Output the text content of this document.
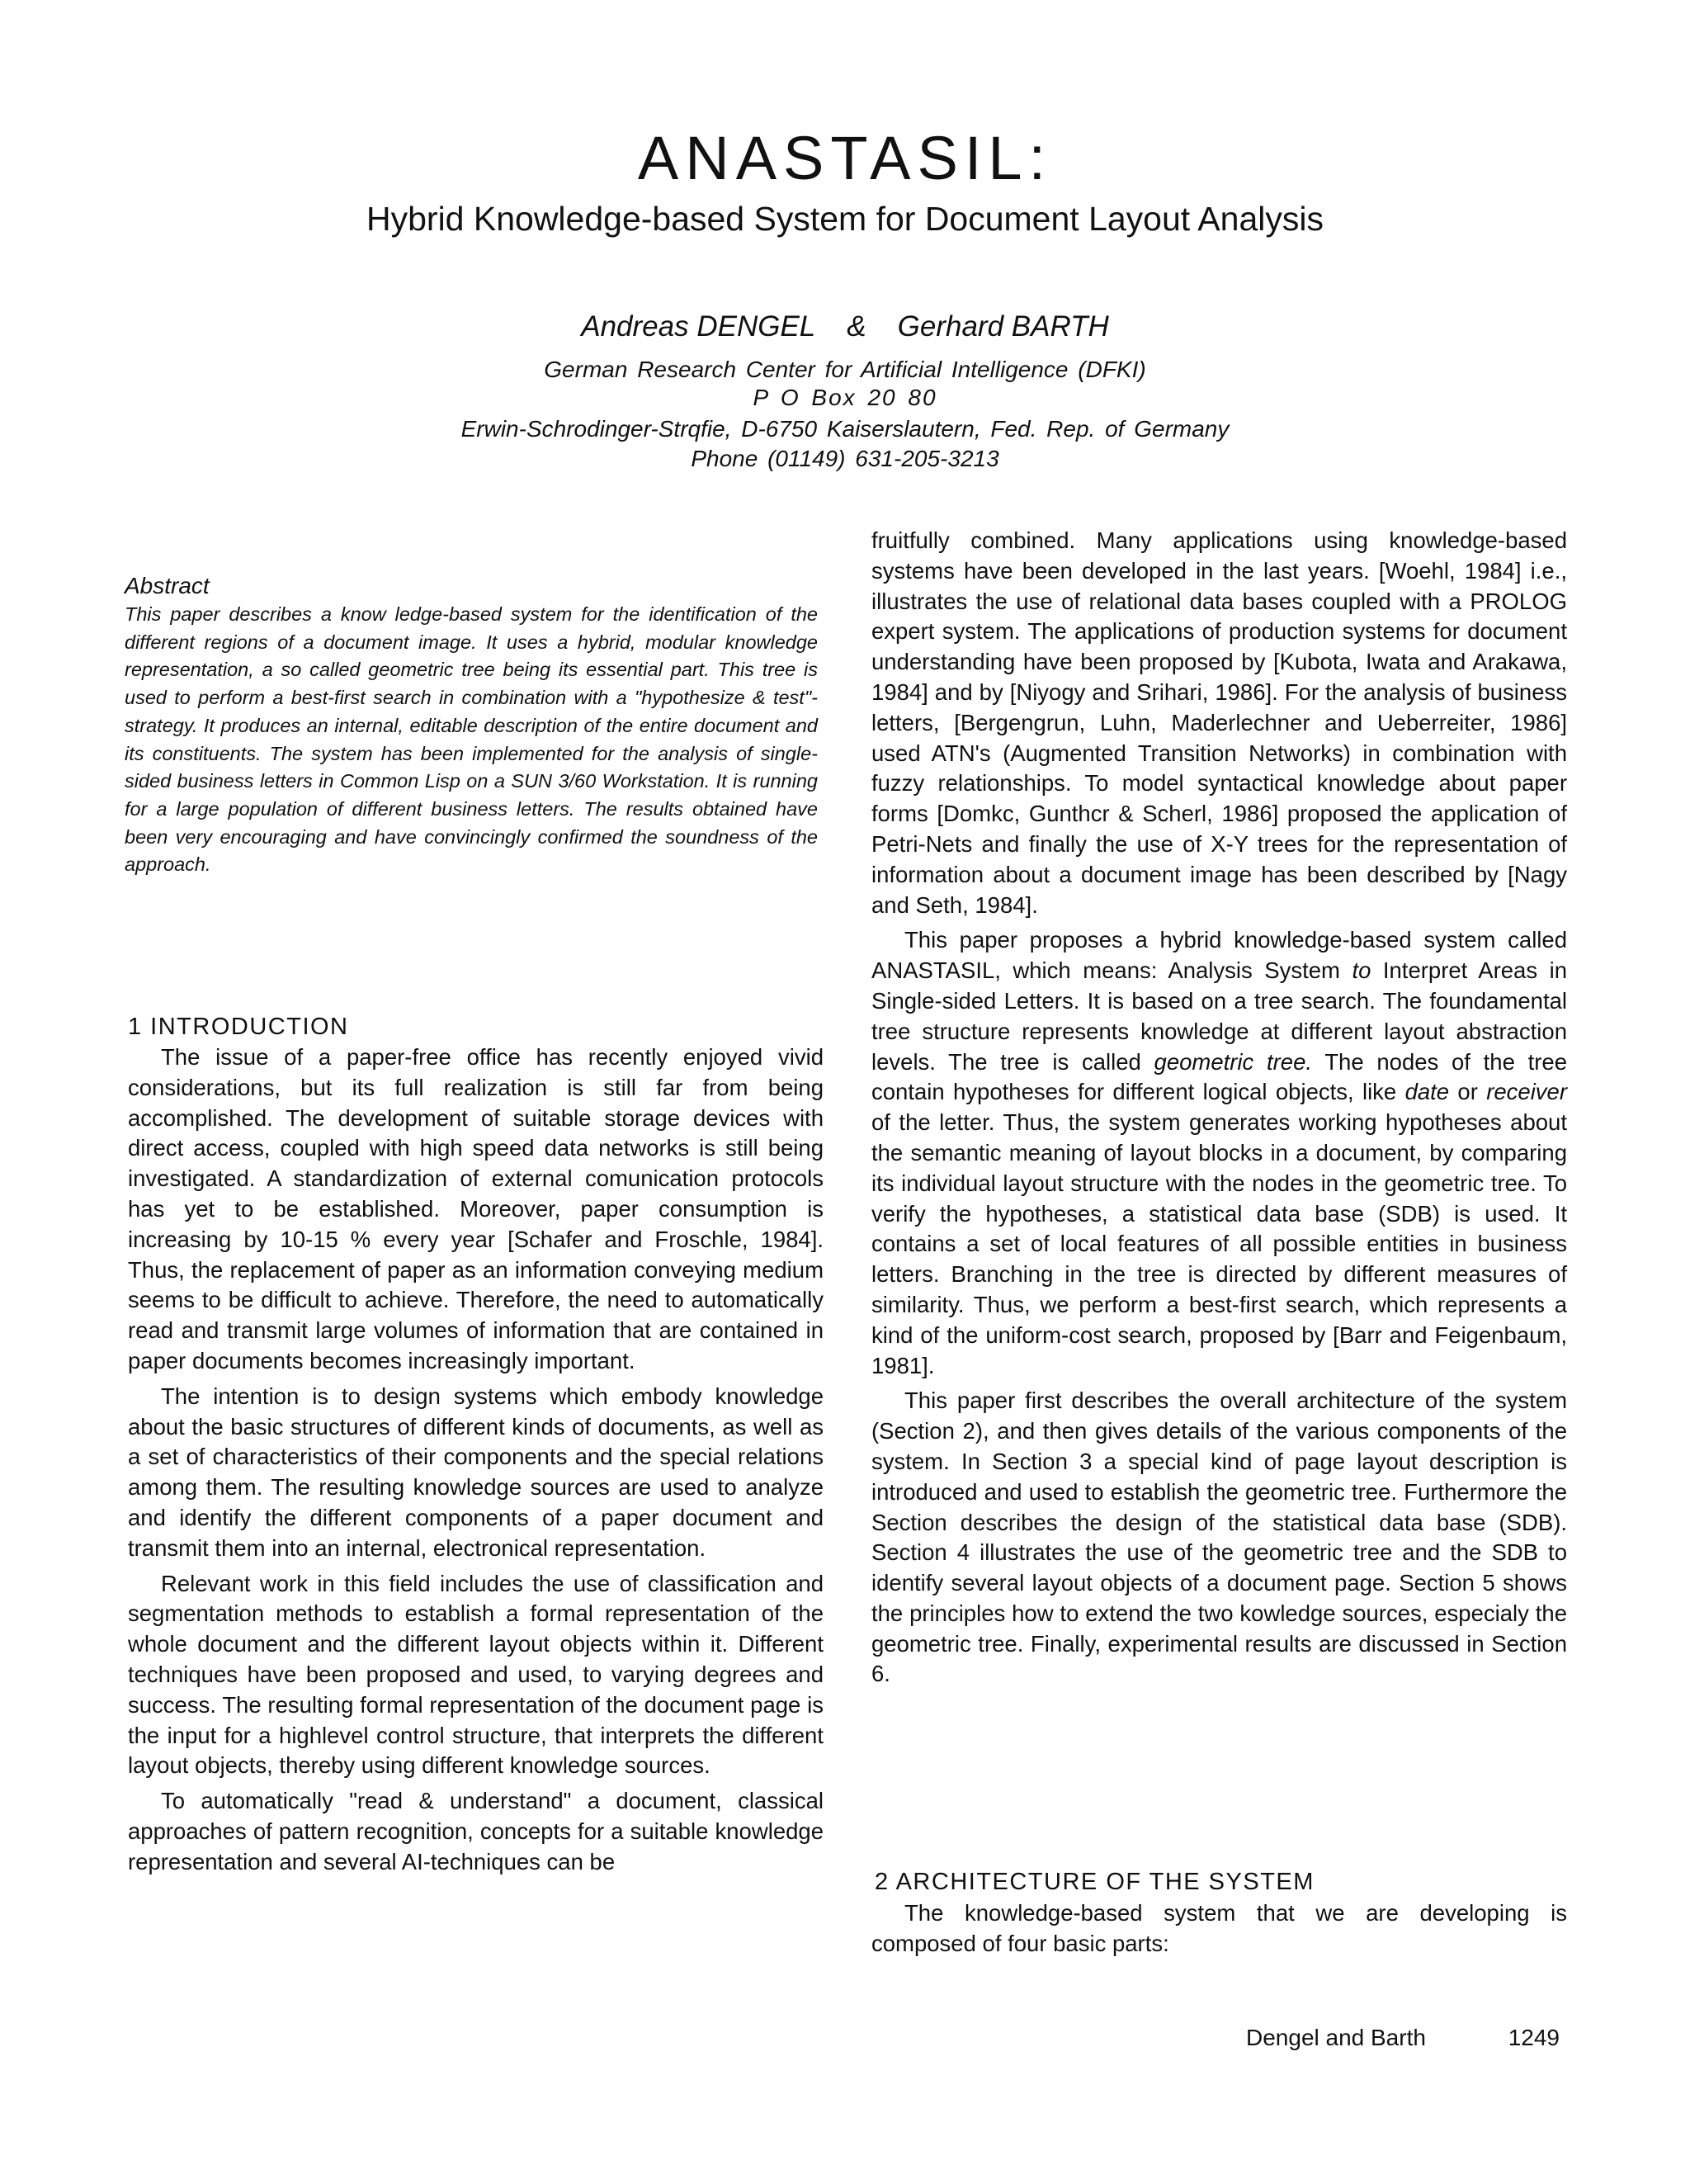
ANASTASIL:
Hybrid Knowledge-based System for Document Layout Analysis
Andreas DENGEL & Gerhard BARTH
German Research Center for Artificial Intelligence (DFKI)
P O Box 20 80
Erwin-Schrodinger-Strqfie, D-6750 Kaiserslautern, Fed. Rep. of Germany
Phone (01149) 631-205-3213
Abstract

This paper describes a know ledge-based system for the identification of the different regions of a document image. It uses a hybrid, modular knowledge representation, a so called geometric tree being its essential part. This tree is used to perform a best-first search in combination with a "hypothesize & test"-strategy. It produces an internal, editable description of the entire document and its constituents. The system has been implemented for the analysis of single-sided business letters in Common Lisp on a SUN 3/60 Workstation. It is running for a large population of different business letters. The results obtained have been very encouraging and have convincingly confirmed the soundness of the approach.

1 INTRODUCTION

The issue of a paper-free office has recently enjoyed vivid considerations, but its full realization is still far from being accomplished. The development of suitable storage devices with direct access, coupled with high speed data networks is still being investigated. A standardization of external comunication protocols has yet to be established. Moreover, paper consumption is increasing by 10-15 % every year [Schafer and Froschle, 1984]. Thus, the replacement of paper as an information conveying medium seems to be difficult to achieve. Therefore, the need to automatically read and transmit large volumes of information that are contained in paper documents becomes increasingly important.

The intention is to design systems which embody knowledge about the basic structures of different kinds of documents, as well as a set of characteristics of their components and the special relations among them. The resulting knowledge sources are used to analyze and identify the different components of a paper document and transmit them into an internal, electronical representation.

Relevant work in this field includes the use of classification and segmentation methods to establish a formal representation of the whole document and the different layout objects within it. Different techniques have been proposed and used, to varying degrees and success. The resulting formal representation of the document page is the input for a highlevel control structure, that interprets the different layout objects, thereby using different knowledge sources.

To automatically "read & understand" a document, classical approaches of pattern recognition, concepts for a suitable knowledge representation and several AI-techniques can be

fruitfully combined. Many applications using knowledge-based systems have been developed in the last years. [Woehl, 1984] i.e., illustrates the use of relational data bases coupled with a PROLOG expert system. The applications of production systems for document understanding have been proposed by [Kubota, Iwata and Arakawa, 1984] and by [Niyogy and Srihari, 1986]. For the analysis of business letters, [Bergengrun, Luhn, Maderlechner and Ueberreiter, 1986] used ATN's (Augmented Transition Networks) in combination with fuzzy relationships. To model syntactical knowledge about paper forms [Domkc, Gunthcr & Scherl, 1986] proposed the application of Petri-Nets and finally the use of X-Y trees for the representation of information about a document image has been described by [Nagy and Seth, 1984].

This paper proposes a hybrid knowledge-based system called ANASTASIL, which means: Analysis System to Interpret Areas in Single-sided Letters. It is based on a tree search. The foundamental tree structure represents knowledge at different layout abstraction levels. The tree is called geometric tree. The nodes of the tree contain hypotheses for different logical objects, like date or receiver of the letter. Thus, the system generates working hypotheses about the semantic meaning of layout blocks in a document, by comparing its individual layout structure with the nodes in the geometric tree. To verify the hypotheses, a statistical data base (SDB) is used. It contains a set of local features of all possible entities in business letters. Branching in the tree is directed by different measures of similarity. Thus, we perform a best-first search, which represents a kind of the uniform-cost search, proposed by [Barr and Feigenbaum, 1981].

This paper first describes the overall architecture of the system (Section 2), and then gives details of the various components of the system. In Section 3 a special kind of page layout description is introduced and used to establish the geometric tree. Furthermore the Section describes the design of the statistical data base (SDB). Section 4 illustrates the use of the geometric tree and the SDB to identify several layout objects of a document page. Section 5 shows the principles how to extend the two kowledge sources, especialy the geometric tree. Finally, experimental results are discussed in Section 6.

2 ARCHITECTURE OF THE SYSTEM

The knowledge-based system that we are developing is composed of four basic parts:

Dengel and Barth	1249
